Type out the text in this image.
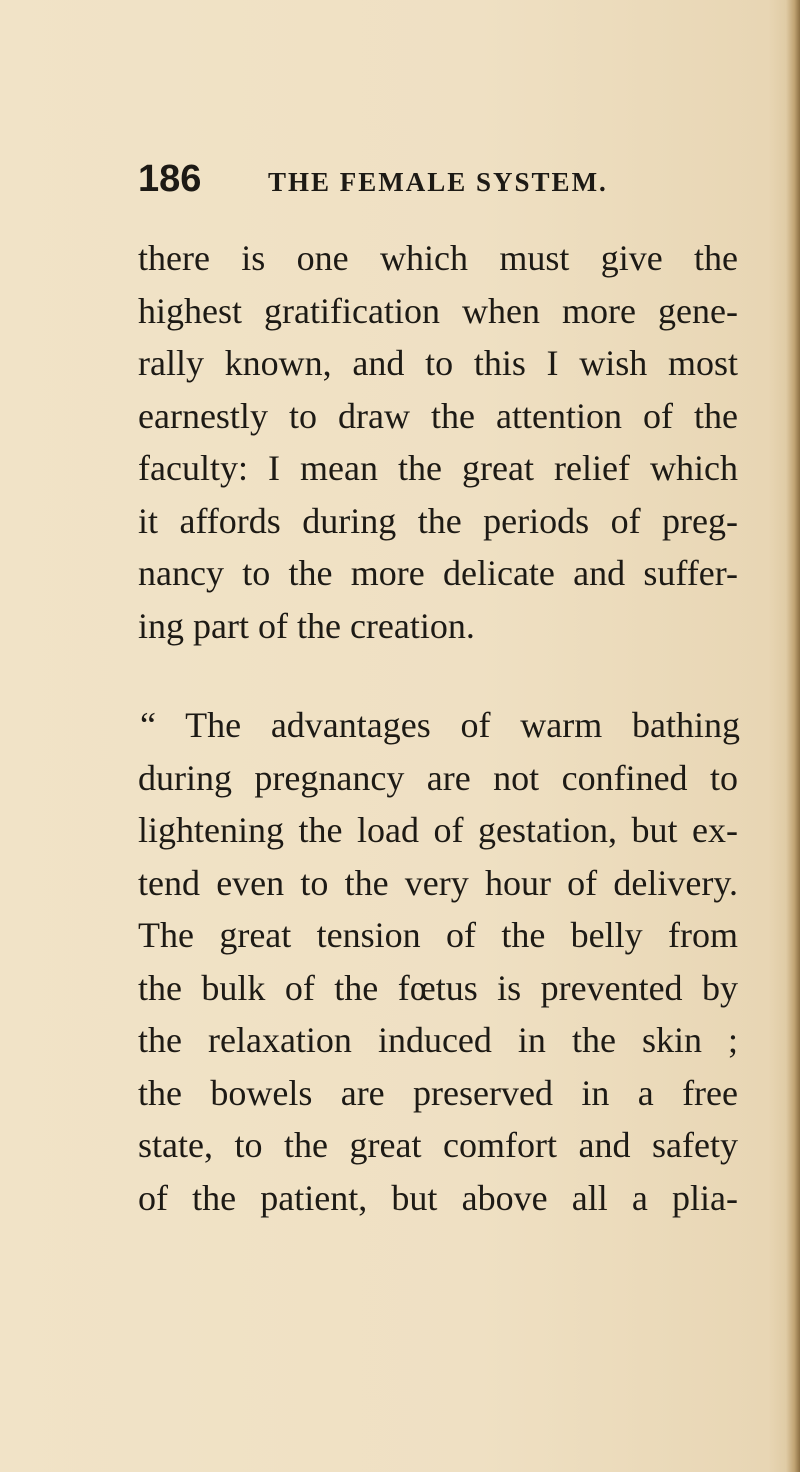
186	THE FEMALE SYSTEM.
there is one which must give the
highest gratification when more gene-
rally known, and to this I wish most
earnestly to draw the attention of the
faculty: I mean the great relief which
it affords during the periods of preg-
nancy to the more delicate and suffer-
ing part of the creation.
“ The advantages of warm bathing
during pregnancy are not confined to
lightening the load of gestation, but ex-
tend even to the very hour of delivery.
The great tension of the belly from
the bulk of the fœtus is prevented by
the relaxation induced in the skin ;
the bowels are preserved in a free
state, to the great comfort and safety
of the patient, but above all a plia-
